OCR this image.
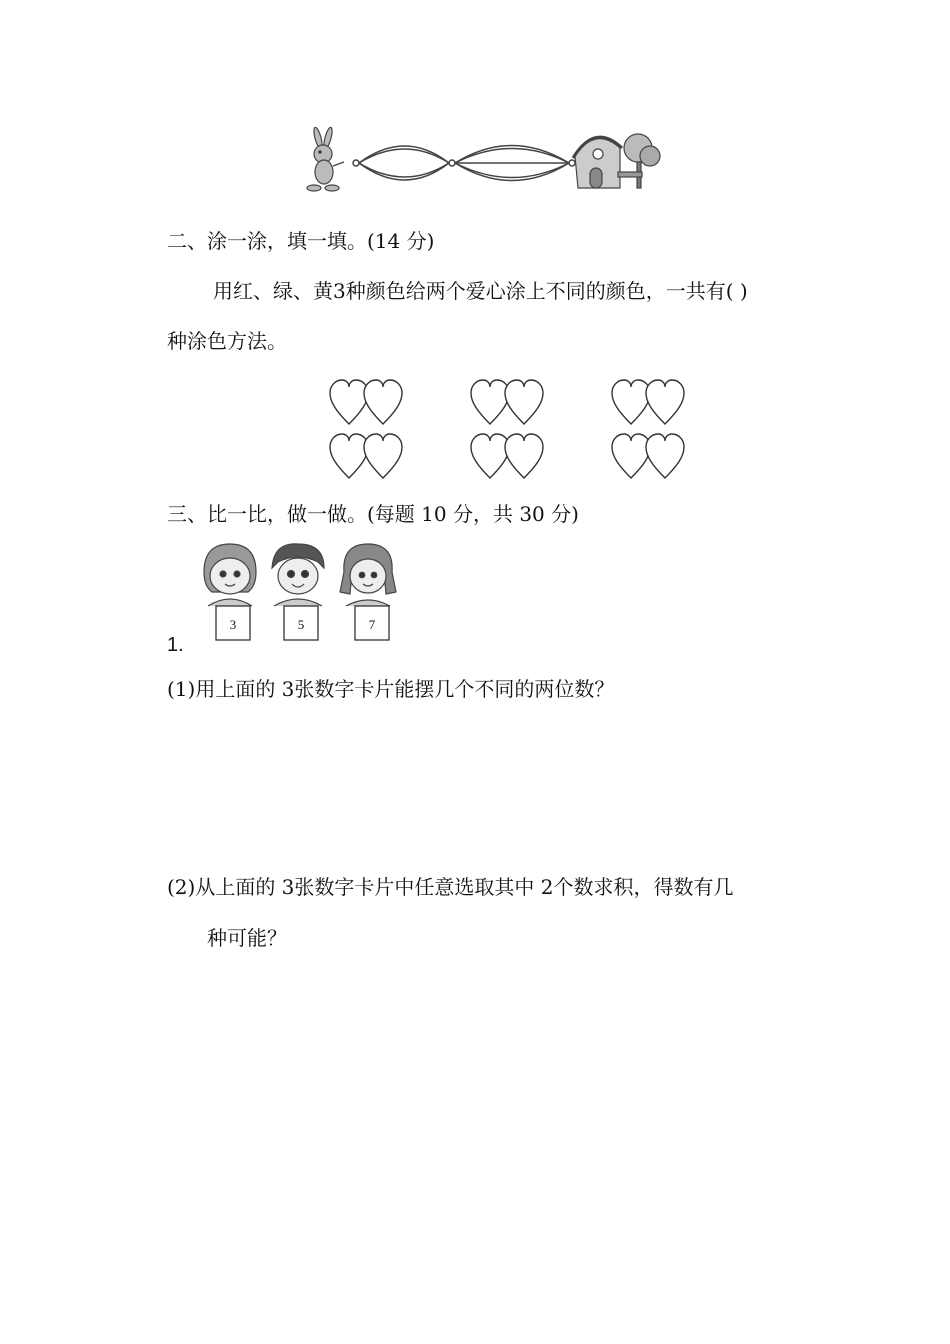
二、涂一涂，填一填。(14 分)
用红、绿、黄3种颜色给两个爱心涂上不同的颜色，一共有( )
种涂色方法。
三、比一比，做一做。(每题 10 分，共 30 分)
3	5	7
1.
(1)用上面的 3张数字卡片能摆几个不同的两位数？
(2)从上面的 3张数字卡片中任意选取其中 2个数求积，得数有几
种可能？
